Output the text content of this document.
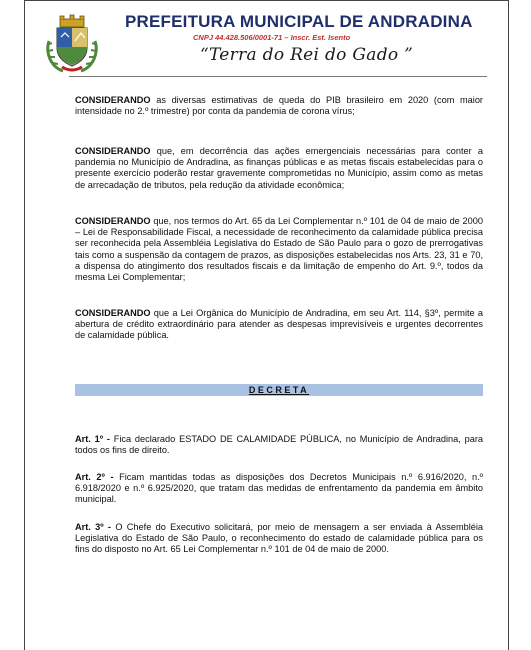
PREFEITURA MUNICIPAL DE ANDRADINA
CNPJ 44.428.506/0001-71 – Inscr. Est. Isento
“Terra do Rei do Gado ”
CONSIDERANDO as diversas estimativas de queda do PIB brasileiro em 2020 (com maior intensidade no 2.º trimestre) por conta da pandemia de corona vírus;
CONSIDERANDO que, em decorrência das ações emergenciais necessárias para conter a pandemia no Município de Andradina, as finanças públicas e as metas fiscais estabelecidas para o presente exercício poderão restar gravemente comprometidas no Município, assim como as metas de arrecadação de tributos, pela redução da atividade econômica;
CONSIDERANDO que, nos termos do Art. 65 da Lei Complementar n.º 101 de 04 de maio de 2000 – Lei de Responsabilidade Fiscal, a necessidade de reconhecimento da calamidade pública precisa ser reconhecida pela Assembléia Legislativa do Estado de São Paulo para o gozo de prerrogativas tais como a suspensão da contagem de prazos, as disposições estabelecidas nos Arts. 23, 31 e 70, a dispensa do atingimento dos resultados fiscais e da limitação de empenho do Art. 9.º, todos da mesma Lei Complementar;
CONSIDERANDO que a Lei Orgânica do Município de Andradina, em seu Art. 114, §3º, permite a abertura de crédito extraordinário para atender as despesas imprevisíveis e urgentes decorrentes de calamidade pública.
DECRETA
Art. 1º - Fica declarado ESTADO DE CALAMIDADE PÚBLICA, no Município de Andradina, para todos os fins de direito.
Art. 2º - Ficam mantidas todas as disposições dos Decretos Municipais n.º 6.916/2020, n.º 6.918/2020 e n.º 6.925/2020, que tratam das medidas de enfrentamento da pandemia em âmbito municipal.
Art. 3º - O Chefe do Executivo solicitará, por meio de mensagem a ser enviada à Assembléia Legislativa do Estado de São Paulo, o reconhecimento do estado de calamidade pública para os fins do disposto no Art. 65 Lei Complementar n.º 101 de 04 de maio de 2000.
